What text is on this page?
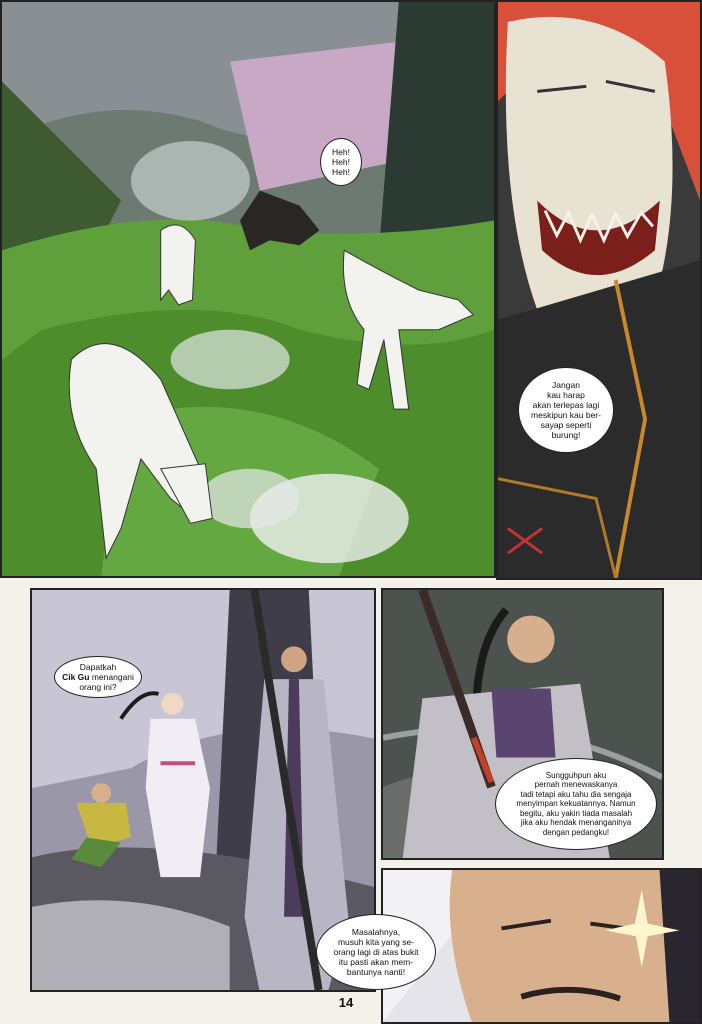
Heh!
Heh!
Heh!
Jangan
kau harap
akan terlepas lagi
meskipun kau ber-
sayap seperti
burung!
Dapatkah
Cik Gu menangani
orang ini?
Sungguhpun aku
pernah menewaskanya
tadi tetapi aku tahu dia sengaja
menyimpan kekuatannya. Namun
begitu, aku yakin tiada masalah
jika aku hendak menanganinya
dengan pedangku!
Masalahnya,
musuh kita yang se-
orang lagi di atas bukit
itu pasti akan mem-
bantunya nanti!
14
